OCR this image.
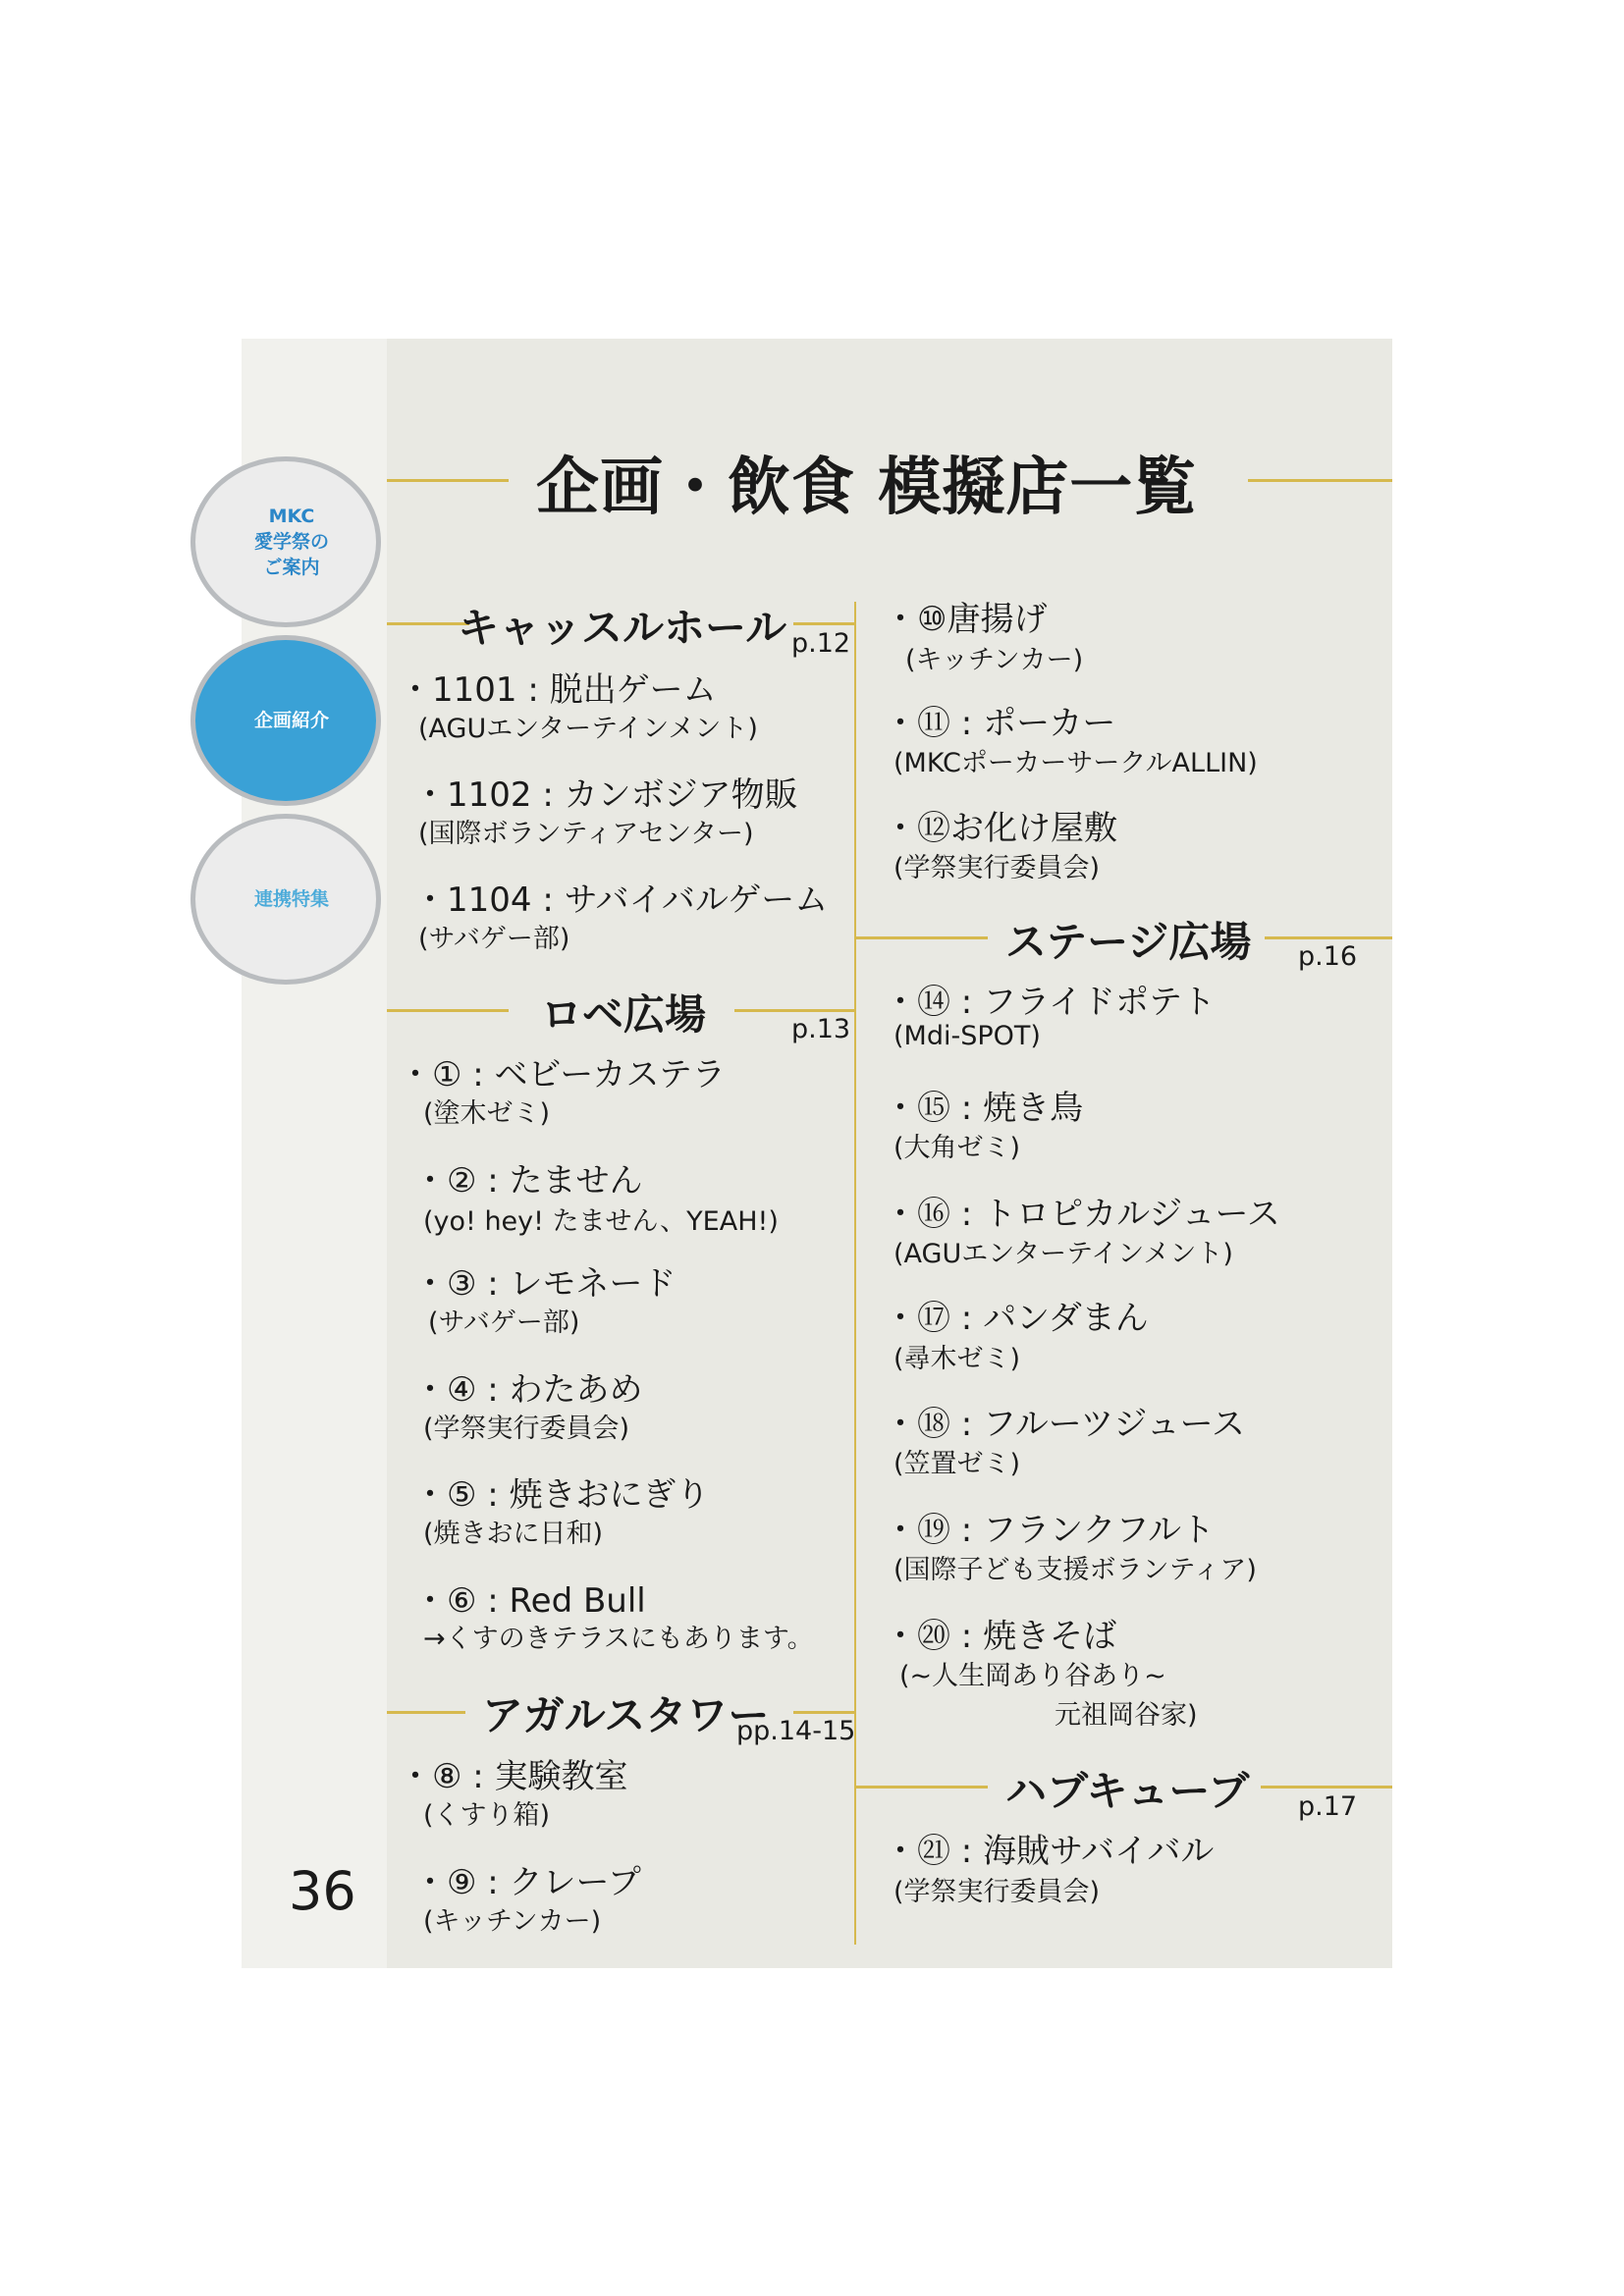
MKC
愛学祭の
ご案内
企画紹介
連携特集
企画・飲食 模擬店一覧
キャッスルホール p.12
・1101 : 脱出ゲーム
(AGUエンターテインメント)
・1102 : カンボジア物販
(国際ボランティアセンター)
・1104 : サバイバルゲーム
(サバゲー部)
ロベ広場	p.13
・① : ベビーカステラ
(塗木ゼミ)
・② : たません
(yo! hey! たません、YEAH!)
・③ : レモネード
(サバゲー部)
・④ : わたあめ
(学祭実行委員会)
・⑤ : 焼きおにぎり
(焼きおに日和)
・⑥ : Red Bull
→くすのきテラスにもあります。
アガルスタワー
pp.14-15
・⑧ : 実験教室
(くすり箱)
・⑨ : クレープ
(キッチンカー)
・⑩唐揚げ
(キッチンカー)
・⑪ : ポーカー
(MKCポーカーサークルALLIN)
・⑫お化け屋敷
(学祭実行委員会)
ステージ広場 p.16
・⑭ : フライドポテト
(Mdi-SPOT)
・⑮ : 焼き鳥
(大角ゼミ)
・⑯ : トロピカルジュース
(AGUエンターテインメント)
・⑰ : パンダまん
(尋木ゼミ)
・⑱ : フルーツジュース
(笠置ゼミ)
・⑲ : フランクフルト
(国際子ども支援ボランティア)
・⑳ : 焼きそば
(~人生岡あり谷あり~
元祖岡谷家)
ハブキューブ p.17
・㉑ : 海賊サバイバル
(学祭実行委員会)
36
